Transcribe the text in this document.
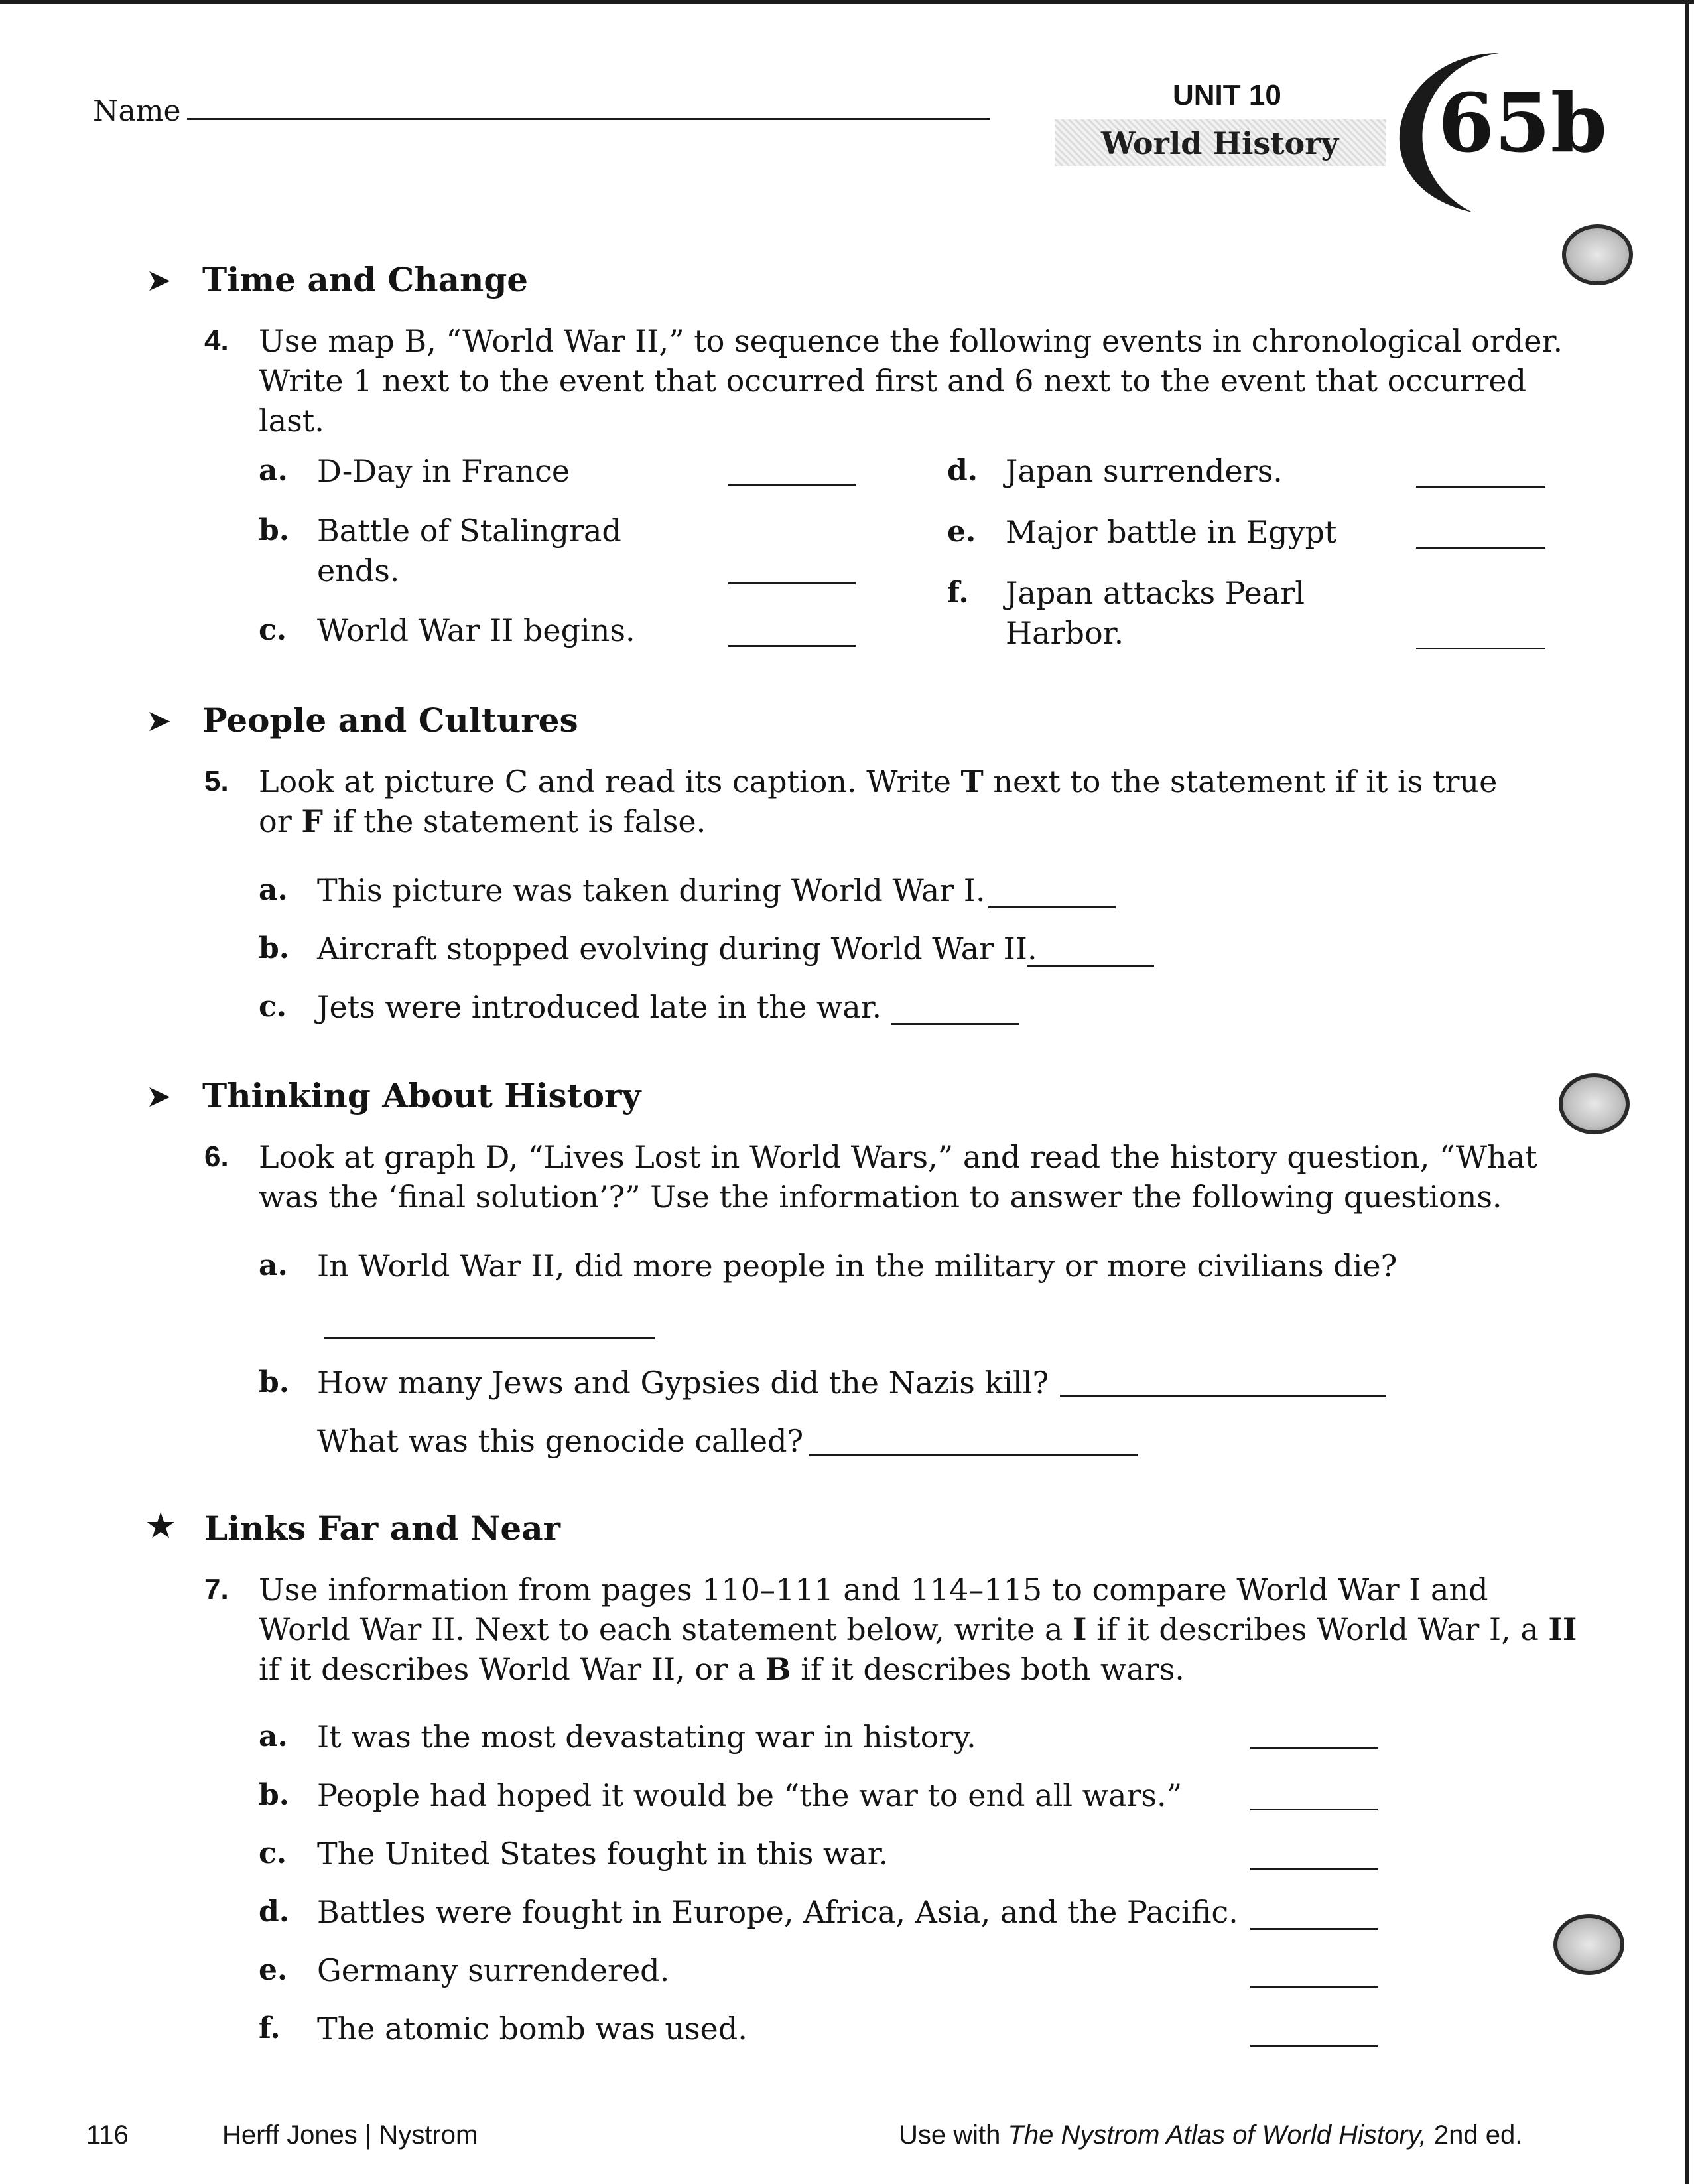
Name	UNIT 10
World History 65b
➤ Time and Change
4. Use map B, “World War II,” to sequence the following events in chronological order.
Write 1 next to the event that occurred first and 6 next to the event that occurred
last.
a. D-Day in France
b. Battle of Stalingrad
ends.
c. World War II begins.
d. Japan surrenders.
e. Major battle in Egypt
f. Japan attacks Pearl
Harbor.
➤ People and Cultures
5. Look at picture C and read its caption. Write T next to the statement if it is true
or F if the statement is false.
a. This picture was taken during World War I.
b. Aircraft stopped evolving during World War II.
c. Jets were introduced late in the war.
➤ Thinking About History
6. Look at graph D, “Lives Lost in World Wars,” and read the history question, “What
was the ‘final solution’?” Use the information to answer the following questions.
a. In World War II, did more people in the military or more civilians die?
b. How many Jews and Gypsies did the Nazis kill?
What was this genocide called?
★ Links Far and Near
7. Use information from pages 110–111 and 114–115 to compare World War I and
World War II. Next to each statement below, write a I if it describes World War I, a II
if it describes World War II, or a B if it describes both wars.
a. It was the most devastating war in history.
b. People had hoped it would be “the war to end all wars.”
c. The United States fought in this war.
d. Battles were fought in Europe, Africa, Asia, and the Pacific.
e. Germany surrendered.
f. The atomic bomb was used.
116	Herff Jones | Nystrom	Use with The Nystrom Atlas of World History, 2nd ed.
